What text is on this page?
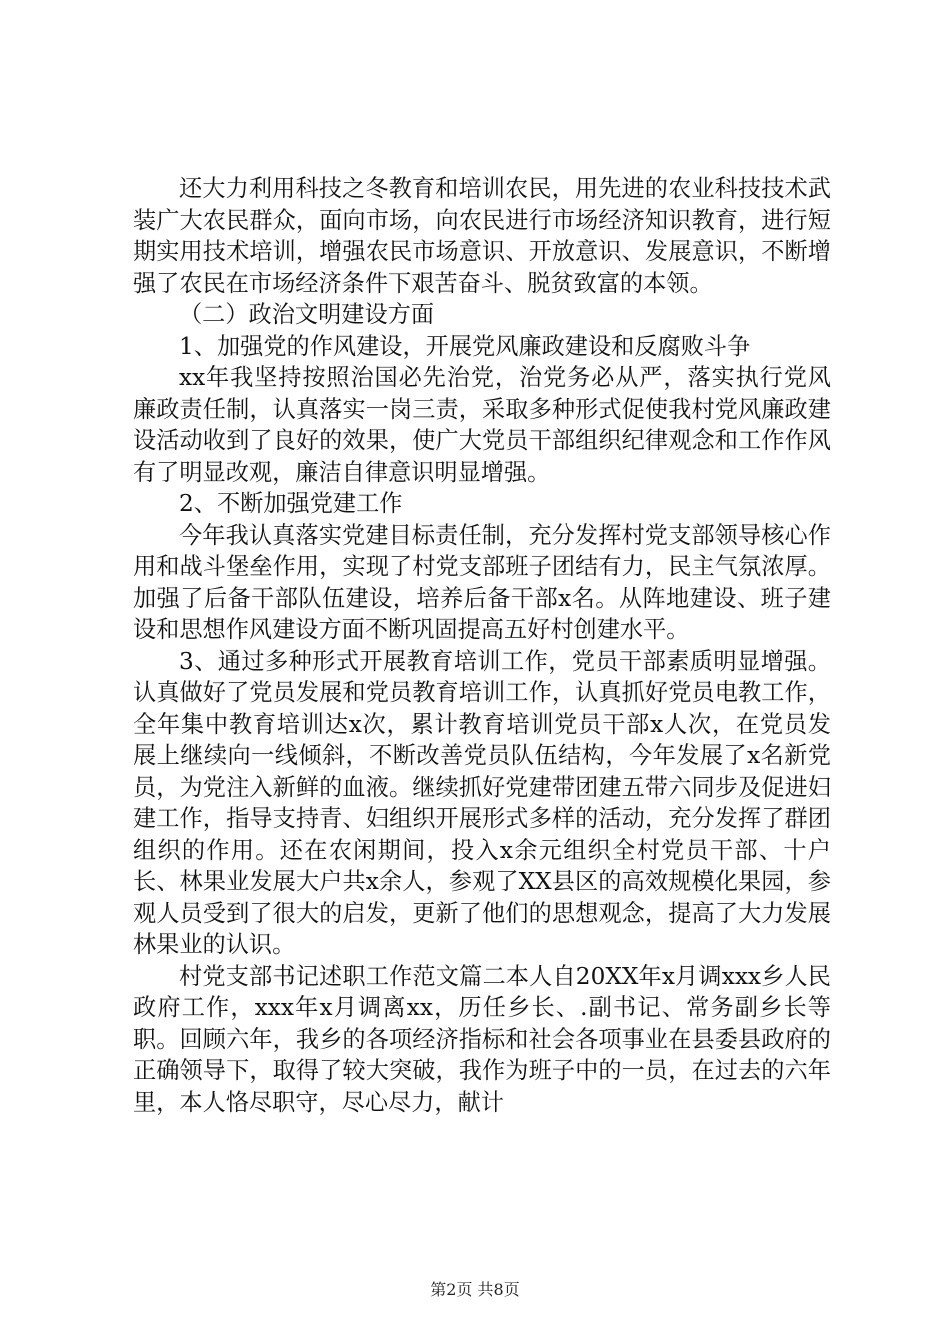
还大力利用科技之冬教育和培训农民，用先进的农业科技技术武装广大农民群众，面向市场，向农民进行市场经济知识教育，进行短期实用技术培训，增强农民市场意识、开放意识、发展意识，不断增强了农民在市场经济条件下艰苦奋斗、脱贫致富的本领。

（二）政治文明建设方面

1、加强党的作风建设，开展党风廉政建设和反腐败斗争

xx年我坚持按照治国必先治党，治党务必从严，落实执行党风廉政责任制，认真落实一岗三责，采取多种形式促使我村党风廉政建设活动收到了良好的效果，使广大党员干部组织纪律观念和工作作风有了明显改观，廉洁自律意识明显增强。

2、不断加强党建工作

今年我认真落实党建目标责任制，充分发挥村党支部领导核心作用和战斗堡垒作用，实现了村党支部班子团结有力，民主气氛浓厚。加强了后备干部队伍建设，培养后备干部x名。从阵地建设、班子建设和思想作风建设方面不断巩固提高五好村创建水平。

3、通过多种形式开展教育培训工作，党员干部素质明显增强。认真做好了党员发展和党员教育培训工作，认真抓好党员电教工作，全年集中教育培训达x次，累计教育培训党员干部x人次，在党员发展上继续向一线倾斜，不断改善党员队伍结构，今年发展了x名新党员，为党注入新鲜的血液。继续抓好党建带团建五带六同步及促进妇建工作，指导支持青、妇组织开展形式多样的活动，充分发挥了群团组织的作用。还在农闲期间，投入x余元组织全村党员干部、十户长、林果业发展大户共x余人，参观了XX县区的高效规模化果园，参观人员受到了很大的启发，更新了他们的思想观念，提高了大力发展林果业的认识。

村党支部书记述职工作范文篇二本人自20XX年x月调xxx乡人民政府工作，xxx年x月调离xx，历任乡长、.副书记、常务副乡长等职。回顾六年，我乡的各项经济指标和社会各项事业在县委县政府的正确领导下，取得了较大突破，我作为班子中的一员，在过去的六年里，本人恪尽职守，尽心尽力，献计

第2页 共8页
